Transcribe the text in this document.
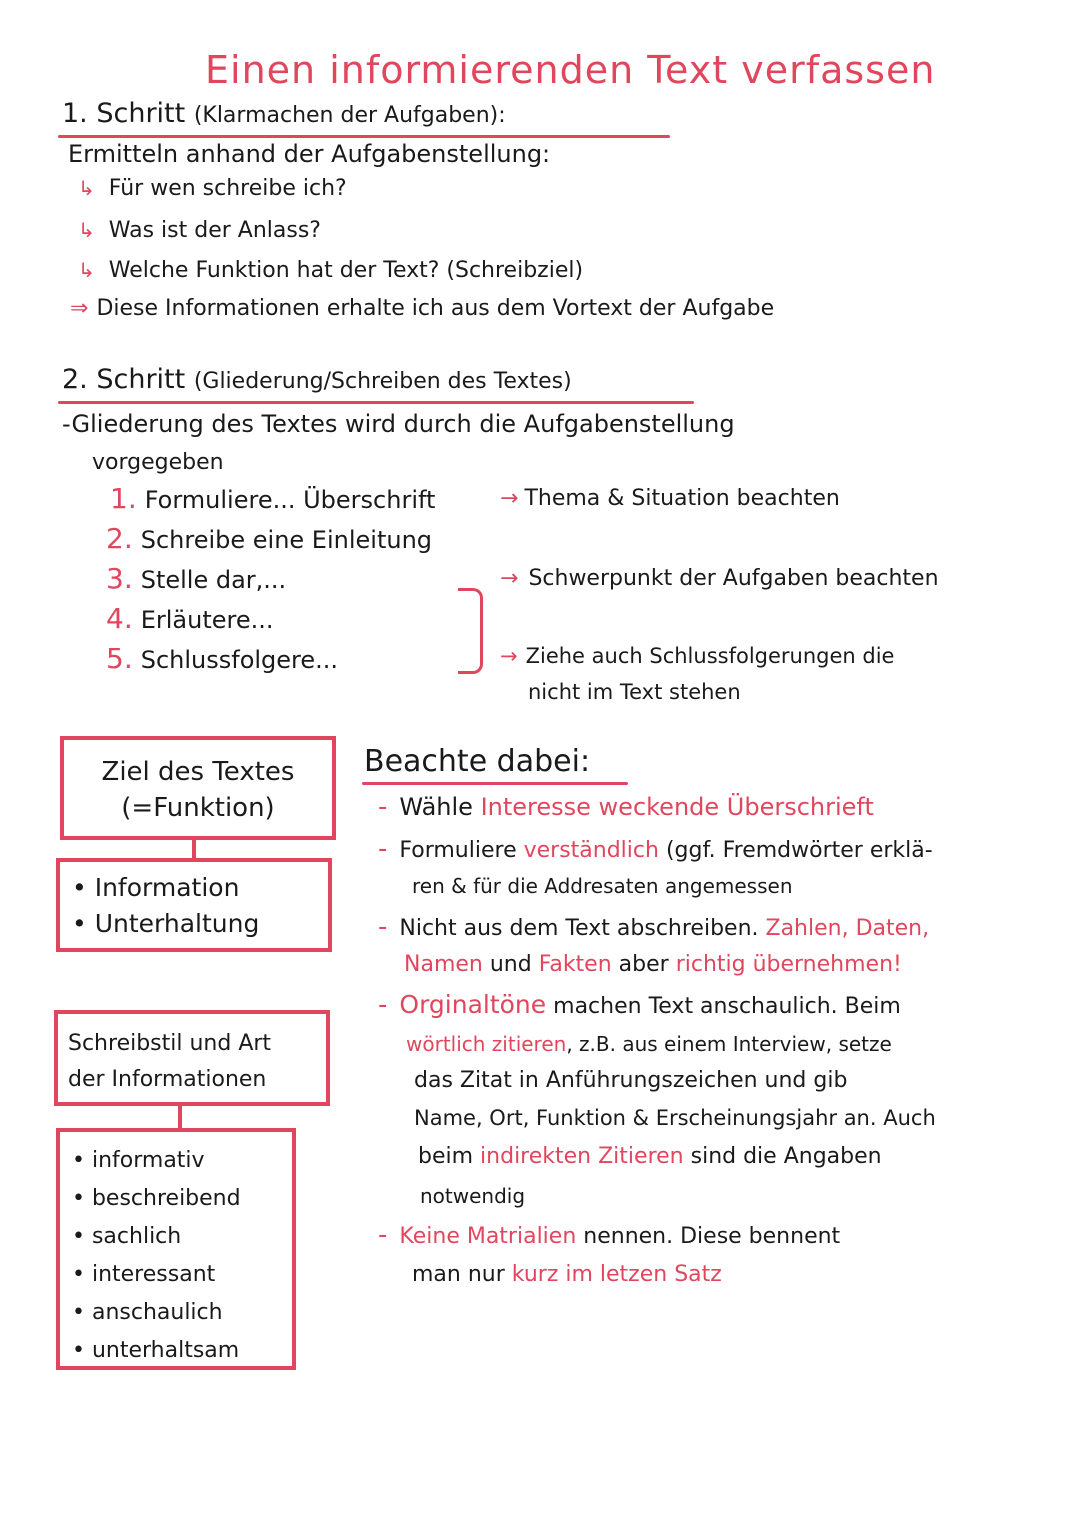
Einen informierenden Text verfassen
1. Schritt (Klarmachen der Aufgaben):
Ermitteln anhand der Aufgabenstellung:
↳ Für wen schreibe ich?
↳ Was ist der Anlass?
↳ Welche Funktion hat der Text? (Schreibziel)
⇒ Diese Informationen erhalte ich aus dem Vortext der Aufgabe
2. Schritt (Gliederung/Schreiben des Textes)
-Gliederung des Textes wird durch die Aufgabenstellung
vorgegeben
1. Formuliere... Überschrift
2. Schreibe eine Einleitung
3. Stelle dar,...
4. Erläutere...
5. Schlussfolgere...
→ Thema & Situation beachten
→ Schwerpunkt der Aufgaben beachten
→ Ziehe auch Schlussfolgerungen die
nicht im Text stehen
Ziel des Textes
(=Funktion)
• Information
• Unterhaltung
Schreibstil und Art
der Informationen
• informativ
• beschreibend
• sachlich
• interessant
• anschaulich
• unterhaltsam
Beachte dabei:
- Wähle Interesse weckende Überschrieft
- Formuliere verständlich (ggf. Fremdwörter erklä-
ren & für die Addresaten angemessen
- Nicht aus dem Text abschreiben. Zahlen, Daten,
Namen und Fakten aber richtig übernehmen!
- Orginaltöne machen Text anschaulich. Beim
wörtlich zitieren, z.B. aus einem Interview, setze
das Zitat in Anführungszeichen und gib
Name, Ort, Funktion & Erscheinungsjahr an. Auch
beim indirekten Zitieren sind die Angaben
notwendig
- Keine Matrialien nennen. Diese bennent
man nur kurz im letzen Satz
